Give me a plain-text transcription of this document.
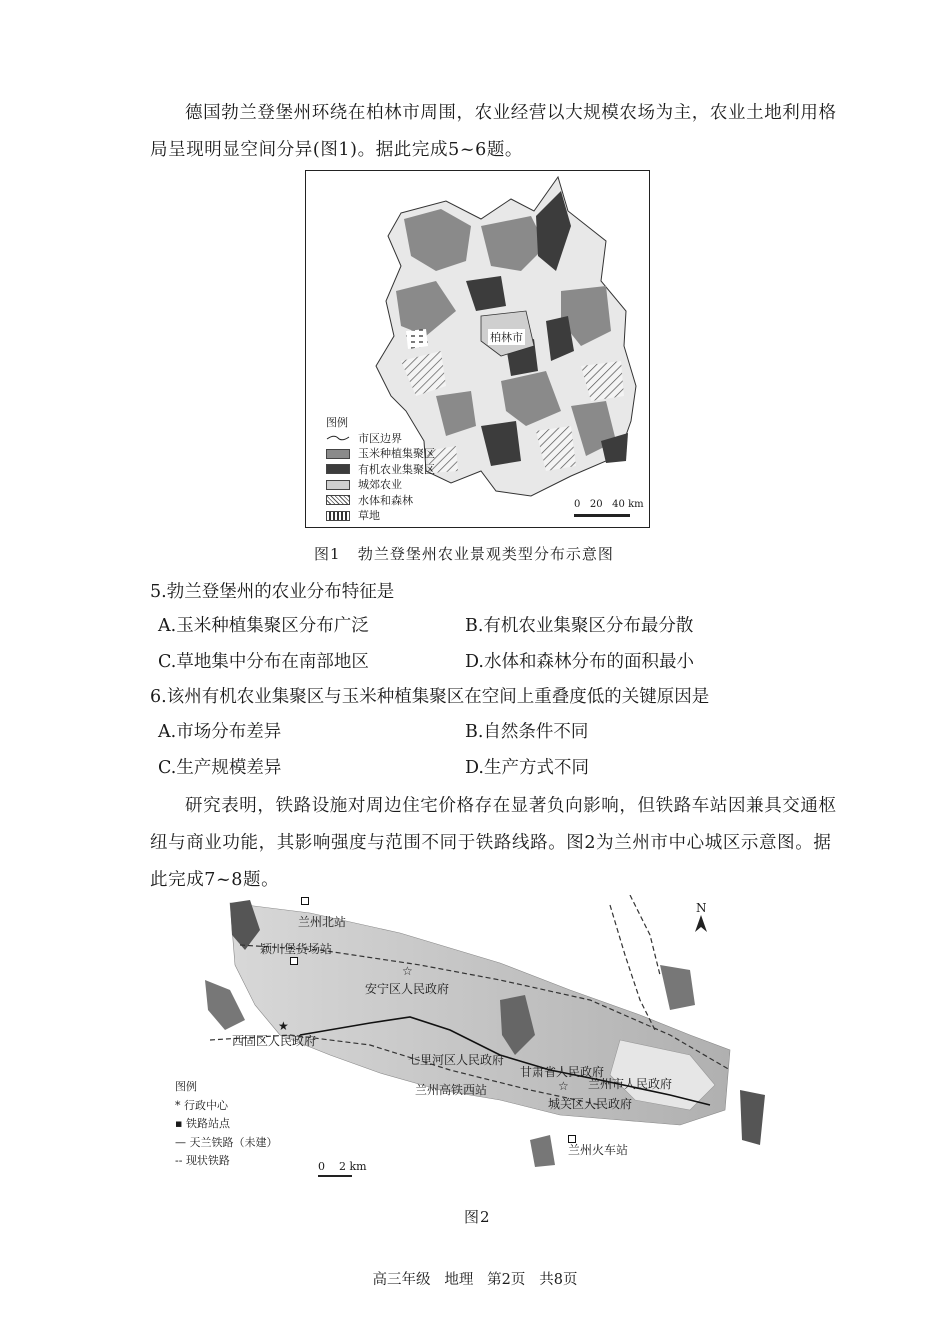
德国勃兰登堡州环绕在柏林市周围，农业经营以大规模农场为主，农业土地利用格局呈现明显空间分异(图1)。据此完成5~6题。

柏林市
图例
市区边界
玉米种植集聚区
有机农业集聚区
城郊农业
水体和森林
草地
0   20   40 km

图1   勃兰登堡州农业景观类型分布示意图

5.勃兰登堡州的农业分布特征是

A.玉米种植集聚区分布广泛	B.有机农业集聚区分布最分散

C.草地集中分布在南部地区	D.水体和森林分布的面积最小

6.该州有机农业集聚区与玉米种植集聚区在空间上重叠度低的关键原因是

A.市场分布差异	B.自然条件不同

C.生产规模差异	D.生产方式不同

研究表明，铁路设施对周边住宅价格存在显著负向影响，但铁路车站因兼具交通枢纽与商业功能，其影响强度与范围不同于铁路线路。图2为兰州市中心城区示意图。据此完成7~8题。

N
兰州北站
颖川堡货场站
安宁区人民政府
西固区人民政府
七里河区人民政府
甘肃省人民政府
兰州市人民政府
兰州高铁西站
城关区人民政府
兰州火车站
☆
★
☆
图例
* 行政中心
▪ 铁路站点
— 天兰铁路（未建）
-- 现状铁路	0    2 km

图2

高三年级   地理   第2页   共8页
